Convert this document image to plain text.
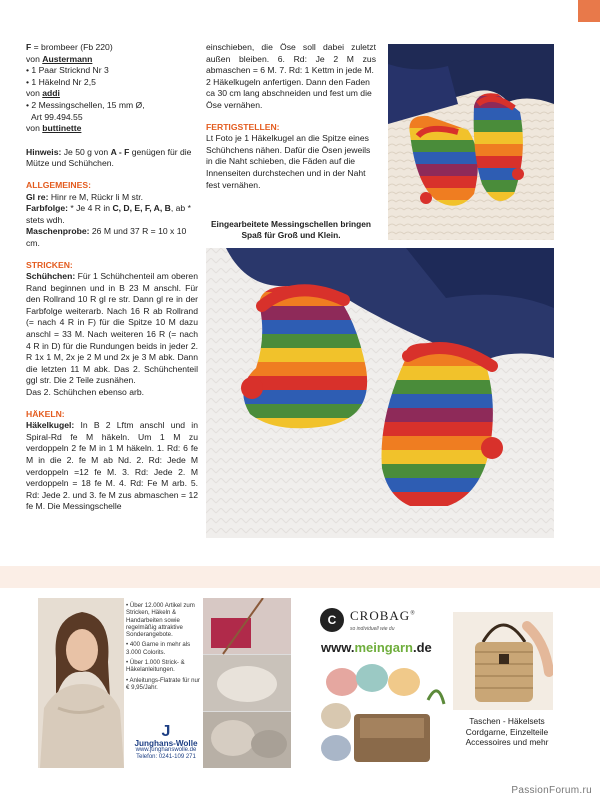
F = brombeer (Fb 220)

von Austermann

• 1 Paar Stricknd Nr 3

• 1 Häkelnd Nr 2,5

von addi

• 2 Messingschellen, 15 mm Ø,

Art 99.494.55

von buttinette

Hinweis: Je 50 g von A - F genügen für die Mütze und Schühchen.

ALLGEMEINES:

Gl re: Hinr re M, Rückr li M str.

Farbfolge: * Je 4 R in C, D, E, F, A, B, ab * stets wdh.

Maschenprobe: 26 M und 37 R = 10 x 10 cm.

STRICKEN:

Schühchen: Für 1 Schühchenteil am oberen Rand beginnen und in B 23 M anschl. Für den Rollrand 10 R gl re str. Dann gl re in der Farbfolge weiterarb. Nach 16 R ab Rollrand (= nach 4 R in F) für die Spitze 10 M dazu anschl = 33 M. Nach weiteren 16 R (= nach 4 R in D) für die Rundungen beids in jeder 2. R 1x 1 M, 2x je 2 M und 2x je 3 M abk. Dann die letzten 11 M abk. Das 2. Schühchenteil ggl str. Die 2 Teile zusnähen.

Das 2. Schühchen ebenso arb.

HÄKELN:

Häkelkugel: In B 2 Lftm anschl und in Spiral-Rd fe M häkeln. Um 1 M zu verdoppeln 2 fe M in 1 M häkeln. 1. Rd: 6 fe M in die 2. fe M ab Nd. 2. Rd: Jede M verdoppeln =12 fe M. 3. Rd: Jede 2. M verdoppeln = 18 fe M. 4. Rd: Fe M arb. 5. Rd: Jede 2. und 3. fe M zus abmaschen = 12 fe M. Die Messingschelle

einschieben, die Öse soll dabei zuletzt außen bleiben. 6. Rd: Je 2 M zus abmaschen = 6 M. 7. Rd: 1 Kettm in jede M.

2 Häkelkugeln anfertigen. Dann den Faden ca 30 cm lang abschneiden und fest um die Öse vernähen.

FERTIGSTELLEN:

Lt Foto je 1 Häkelkugel an die Spitze eines Schühchens nähen. Dafür die Ösen jeweils in die Naht schieben, die Fäden auf die Innenseiten durchstechen und in der Naht fest vernähen.

Eingearbeitete Messingschellen bringen Spaß für Groß und Klein.

• Über 12.000 Artikel zum Stricken, Häkeln & Handarbeiten sowie regelmäßig attraktive Sonderangebote.

• 400 Garne in mehr als 3.000 Colorits.

• Über 1.000 Strick- & Häkelanleitungen.

• Anleitungs-Flatrate für nur € 9,95/Jahr.

J
Junghans-Wolle
www.junghanswolle.de
Telefon: 0241-109 271
C	CROBAG®
so individuell wie du
www.meingarn.de
Taschen - Häkelsets
Cordgarne, Einzelteile
Accessoires und mehr
PassionForum.ru
